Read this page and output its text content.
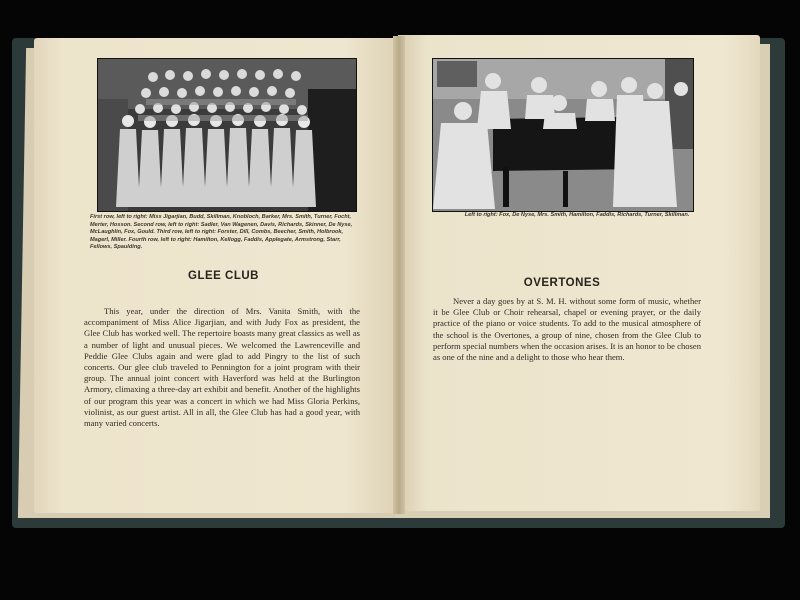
First row, left to right: Miss Jigarjian, Budd, Skillman, Knobloch, Barker, Mrs. Smith, Turner, Focht, Merter, Hosson. Second row, left to right: Sadler, Van Wagenen, Davis, Richards, Skinner, De Nyse, McLaughlin, Fox, Gould. Third row, left to right: Forster, Dill, Combs, Beecher, Smith, Holbrook, Magerl, Miller. Fourth row, left to right: Hamilton, Kellogg, Faddis, Applegate, Armstrong, Starr, Fellows, Spaulding.
GLEE CLUB
This year, under the direction of Mrs. Vanita Smith, with the accompaniment of Miss Alice Jigarjian, and with Judy Fox as president, the Glee Club has worked well. The repertoire boasts many great classics as well as a number of light and unusual pieces. We welcomed the Lawrenceville and Peddie Glee Clubs again and were glad to add Pingry to the list of such concerts. Our glee club traveled to Pennington for a joint program with their group. The annual joint concert with Haverford was held at the Burlington Armory, climaxing a three-day art exhibit and benefit. Another of the highlights of our program this year was a concert in which we had Miss Gloria Perkins, violinist, as our guest artist. All in all, the Glee Club has had a good year, with many varied concerts.
Left to right: Fox, De Nyse, Mrs. Smith, Hamilton, Faddis, Richards, Turner, Skillman.
OVERTONES
Never a day goes by at S. M. H. without some form of music, whether it be Glee Club or Choir rehearsal, chapel or evening prayer, or the daily practice of the piano or voice students. To add to the musical atmosphere of the school is the Overtones, a group of nine, chosen from the Glee Club to perform special numbers when the occasion arises. It is an honor to be chosen as one of the nine and a delight to those who hear them.
